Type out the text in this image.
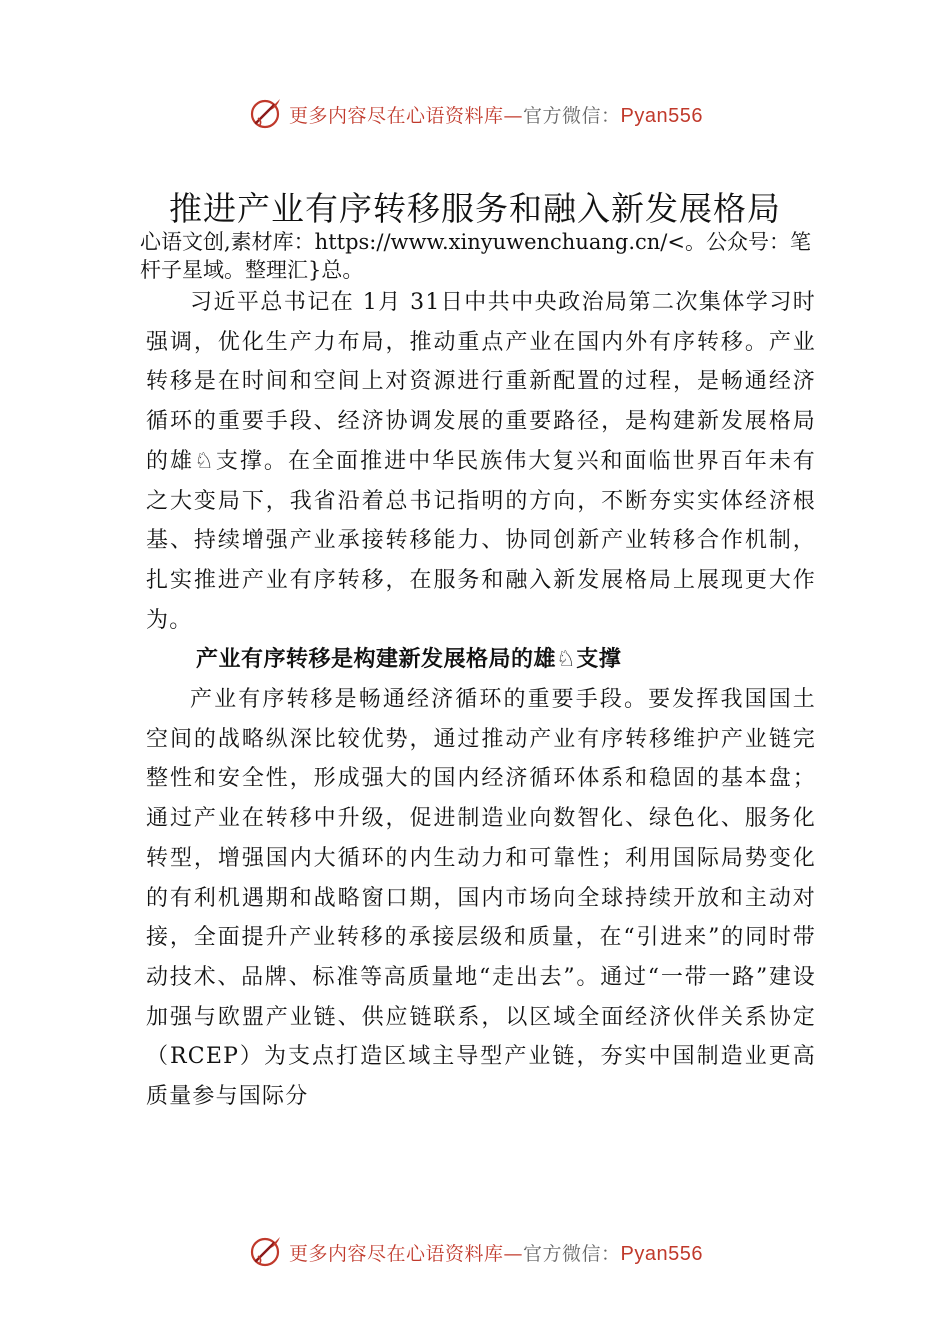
更多内容尽在心语资料库—官方微信：Pyan556
推进产业有序转移服务和融入新发展格局
心语文创,素材库：https://www.xinyuwenchuang.cn/<。公众号：笔杆子星域。整理汇}总。

习近平总书记在 1月 31日中共中央政治局第二次集体学习时强调，优化生产力布局，推动重点产业在国内外有序转移。产业转移是在时间和空间上对资源进行重新配置的过程，是畅通经济循环的重要手段、经济协调发展的重要路径，是构建新发展格局的雄♘支撑。在全面推进中华民族伟大复兴和面临世界百年未有之大变局下，我省沿着总书记指明的方向，不断夯实实体经济根基、持续增强产业承接转移能力、协同创新产业转移合作机制，扎实推进产业有序转移，在服务和融入新发展格局上展现更大作为。

产业有序转移是构建新发展格局的雄♘支撑

产业有序转移是畅通经济循环的重要手段。要发挥我国国土空间的战略纵深比较优势，通过推动产业有序转移维护产业链完整性和安全性，形成强大的国内经济循环体系和稳固的基本盘；通过产业在转移中升级，促进制造业向数智化、绿色化、服务化转型，增强国内大循环的内生动力和可靠性；利用国际局势变化的有利机遇期和战略窗口期，国内市场向全球持续开放和主动对接，全面提升产业转移的承接层级和质量，在“引进来”的同时带动技术、品牌、标准等高质量地“走出去”。通过“一带一路”建设加强与欧盟产业链、供应链联系，以区域全面经济伙伴关系协定（RCEP）为支点打造区域主导型产业链，夯实中国制造业更高质量参与国际分

更多内容尽在心语资料库—官方微信：Pyan556
